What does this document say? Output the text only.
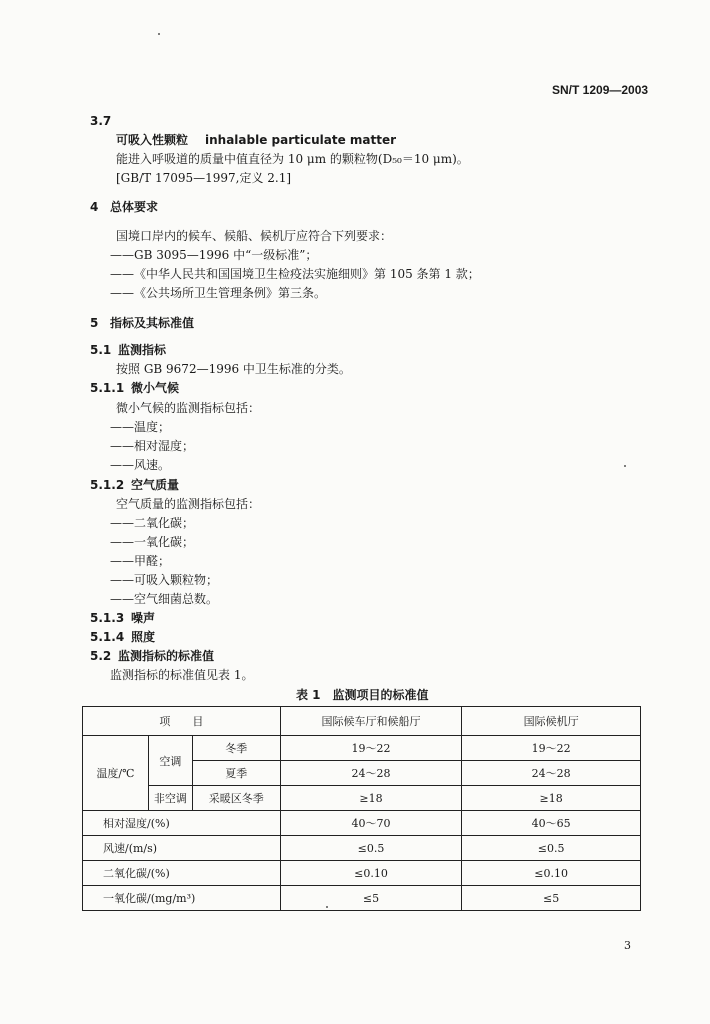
SN/T 1209—2003
3.7
可吸入性颗粒 inhalable particulate matter
能进入呼吸道的质量中值直径为 10 μm 的颗粒物(D₅₀＝10 μm)。
[GB/T 17095—1997,定义 2.1]
4 总体要求
国境口岸内的候车、候船、候机厅应符合下列要求：
——GB 3095—1996 中“一级标准”；
——《中华人民共和国国境卫生检疫法实施细则》第 105 条第 1 款；
——《公共场所卫生管理条例》第三条。
5 指标及其标准值
5.1 监测指标
按照 GB 9672—1996 中卫生标准的分类。
5.1.1 微小气候
微小气候的监测指标包括：
——温度；
——相对湿度；
——风速。
5.1.2 空气质量
空气质量的监测指标包括：
——二氧化碳；
——一氧化碳；
——甲醛；
——可吸入颗粒物；
——空气细菌总数。
5.1.3 噪声
5.1.4 照度
5.2 监测指标的标准值
监测指标的标准值见表 1。
表 1　监测项目的标准值
项　　目			国际候车厅和候船厅	国际候机厅
温度/℃	空调	冬季	19～22	19～22
		夏季	24～28	24～28
	非空调	采暖区冬季	≥18	≥18
相对湿度/(%)			40～70	40～65
风速/(m/s)			≤0.5	≤0.5
二氧化碳/(%)			≤0.10	≤0.10
一氧化碳/(mg/m³)			≤5	≤5
3
